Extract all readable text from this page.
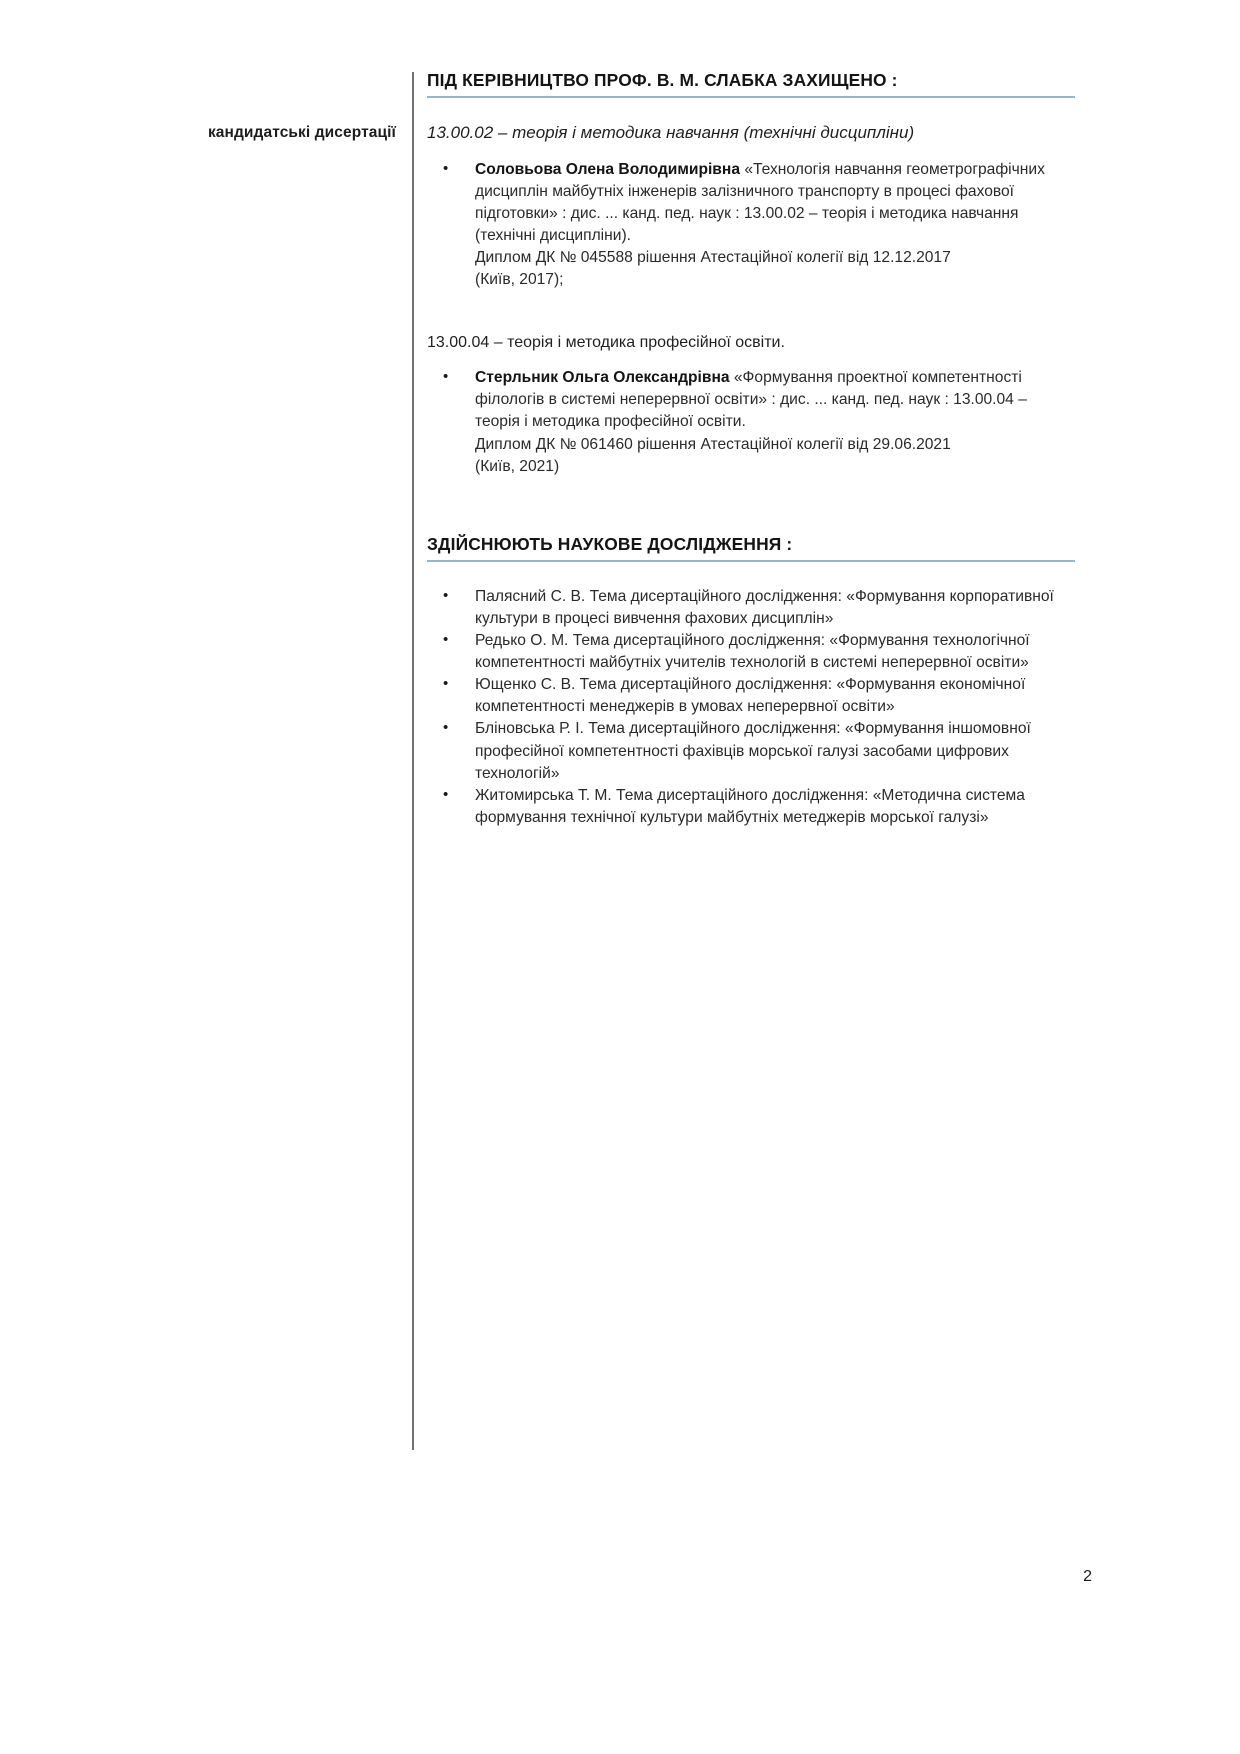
кандидатські дисертації
ПІД КЕРІВНИЦТВО ПРОФ. В. М. СЛАБКА ЗАХИЩЕНО :

13.00.02 – теорія і методика навчання (технічні дисципліни)

• Соловьова Олена Володимирівна «Технологія навчання геометрографічних дисциплін майбутніх інженерів залізничного транспорту в процесі фахової підготовки» : дис. ... канд. пед. наук : 13.00.02 – теорія і методика навчання (технічні дисципліни).
Диплом ДК № 045588 рішення Атестаційної колегії від 12.12.2017
(Київ, 2017);

13.00.04 – теорія і методика професійної освіти.

• Стерльник Ольга Олександрівна «Формування проектної компетентності філологів в системі неперервної освіти» : дис. ... канд. пед. наук : 13.00.04 – теорія і методика професійної освіти.
Диплом ДК № 061460 рішення Атестаційної колегії від 29.06.2021
(Київ, 2021)
ЗДІЙСНЮЮТЬ НАУКОВЕ ДОСЛІДЖЕННЯ :
• Палясний С. В. Тема дисертаційного дослідження: «Формування корпоративної культури в процесі вивчення фахових дисциплін»
• Редько О. М. Тема дисертаційного дослідження: «Формування технологічної компетентності майбутніх учителів технологій в системі неперервної освіти»
• Ющенко С. В. Тема дисертаційного дослідження: «Формування економічної компетентності менеджерів в умовах неперервної освіти»
• Бліновська Р. І. Тема дисертаційного дослідження: «Формування іншомовної професійної компетентності фахівців морської галузі засобами цифрових технологій»
• Житомирська Т. М. Тема дисертаційного дослідження: «Методична система формування технічної культури майбутніх метеджерів морської галузі»
2
